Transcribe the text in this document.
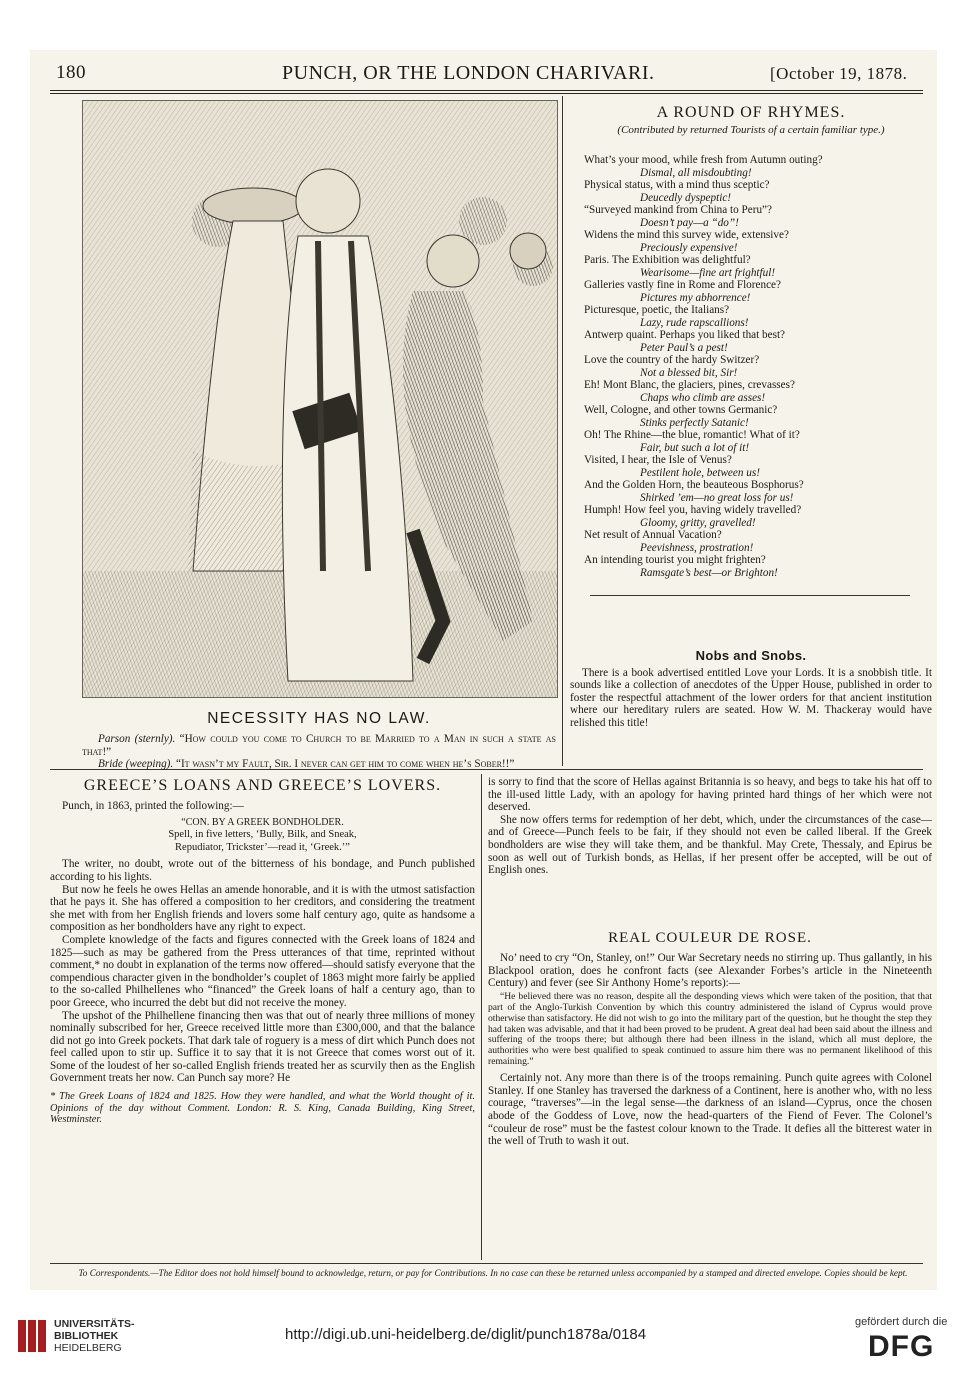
180	PUNCH, OR THE LONDON CHARIVARI.	[October 19, 1878.
NECESSITY HAS NO LAW.

Parson (sternly). “How could you come to Church to be Married to a Man in such a state as that!”

Bride (weeping). “It wasn’t my Fault, Sir. I never can get him to come when he’s Sober!!”

A ROUND OF RHYMES.
(Contributed by returned Tourists of a certain familiar type.)
What’s your mood, while fresh from Autumn outing?
Dismal, all misdoubting!
Physical status, with a mind thus sceptic?
Deucedly dyspeptic!
“Surveyed mankind from China to Peru”?
Doesn’t pay—a “do”!
Widens the mind this survey wide, extensive?
Preciously expensive!
Paris. The Exhibition was delightful?
Wearisome—fine art frightful!
Galleries vastly fine in Rome and Florence?
Pictures my abhorrence!
Picturesque, poetic, the Italians?
Lazy, rude rapscallions!
Antwerp quaint. Perhaps you liked that best?
Peter Paul’s a pest!
Love the country of the hardy Switzer?
Not a blessed bit, Sir!
Eh! Mont Blanc, the glaciers, pines, crevasses?
Chaps who climb are asses!
Well, Cologne, and other towns Germanic?
Stinks perfectly Satanic!
Oh! The Rhine—the blue, romantic! What of it?
Fair, but such a lot of it!
Visited, I hear, the Isle of Venus?
Pestilent hole, between us!
And the Golden Horn, the beauteous Bosphorus?
Shirked ’em—no great loss for us!
Humph! How feel you, having widely travelled?
Gloomy, gritty, gravelled!
Net result of Annual Vacation?
Peevishness, prostration!
An intending tourist you might frighten?
Ramsgate’s best—or Brighton!
Nobs and Snobs.

There is a book advertised entitled Love your Lords. It is a snobbish title. It sounds like a collection of anecdotes of the Upper House, published in order to foster the respectful attachment of the lower orders for that ancient institution where our hereditary rulers are seated. How W. M. Thackeray would have relished this title!

GREECE’S LOANS AND GREECE’S LOVERS.

Punch, in 1863, printed the following:—

“CON. BY A GREEK BONDHOLDER.

Spell, in five letters, ‘Bully, Bilk, and Sneak,

Repudiator, Trickster’—read it, ‘Greek.’”

The writer, no doubt, wrote out of the bitterness of his bondage, and Punch published according to his lights.

But now he feels he owes Hellas an amende honorable, and it is with the utmost satisfaction that he pays it. She has offered a composition to her creditors, and considering the treatment she met with from her English friends and lovers some half century ago, quite as handsome a composition as her bondholders have any right to expect.

Complete knowledge of the facts and figures connected with the Greek loans of 1824 and 1825—such as may be gathered from the Press utterances of that time, reprinted without comment,* no doubt in explanation of the terms now offered—should satisfy everyone that the compendious character given in the bondholder’s couplet of 1863 might more fairly be applied to the so-called Philhellenes who “financed” the Greek loans of half a century ago, than to poor Greece, who incurred the debt but did not receive the money.

The upshot of the Philhellene financing then was that out of nearly three millions of money nominally subscribed for her, Greece received little more than £300,000, and that the balance did not go into Greek pockets. That dark tale of roguery is a mess of dirt which Punch does not feel called upon to stir up. Suffice it to say that it is not Greece that comes worst out of it. Some of the loudest of her so-called English friends treated her as scurvily then as the English Government treats her now. Can Punch say more? He

* The Greek Loans of 1824 and 1825. How they were handled, and what the World thought of it. Opinions of the day without Comment. London: R. S. King, Canada Building, King Street, Westminster.

is sorry to find that the score of Hellas against Britannia is so heavy, and begs to take his hat off to the ill-used little Lady, with an apology for having printed hard things of her which were not deserved.

She now offers terms for redemption of her debt, which, under the circumstances of the case—and of Greece—Punch feels to be fair, if they should not even be called liberal. If the Greek bondholders are wise they will take them, and be thankful. May Crete, Thessaly, and Epirus be soon as well out of Turkish bonds, as Hellas, if her present offer be accepted, will be out of English ones.

REAL COULEUR DE ROSE.

No’ need to cry “On, Stanley, on!” Our War Secretary needs no stirring up. Thus gallantly, in his Blackpool oration, does he confront facts (see Alexander Forbes’s article in the Nineteenth Century) and fever (see Sir Anthony Home’s reports):—

“He believed there was no reason, despite all the desponding views which were taken of the position, that that part of the Anglo-Turkish Convention by which this country administered the island of Cyprus would prove otherwise than satisfactory. He did not wish to go into the military part of the question, but he thought the step they had taken was advisable, and that it had been proved to be prudent. A great deal had been said about the illness and suffering of the troops there; but although there had been illness in the island, which all must deplore, the authorities who were best qualified to speak continued to assure him there was no permanent likelihood of this remaining.”

Certainly not. Any more than there is of the troops remaining. Punch quite agrees with Colonel Stanley. If one Stanley has traversed the darkness of a Continent, here is another who, with no less courage, “traverses”—in the legal sense—the darkness of an island—Cyprus, once the chosen abode of the Goddess of Love, now the head-quarters of the Fiend of Fever. The Colonel’s “couleur de rose” must be the fastest colour known to the Trade. It defies all the bitterest water in the well of Truth to wash it out.

To Correspondents.—The Editor does not hold himself bound to acknowledge, return, or pay for Contributions. In no case can these be returned unless accompanied by a stamped and directed envelope. Copies should be kept.

UNIVERSITÄTS-
BIBLIOTHEK
HEIDELBERG
http://digi.ub.uni-heidelberg.de/diglit/punch1878a/0184
gefördert durch die
DFG
